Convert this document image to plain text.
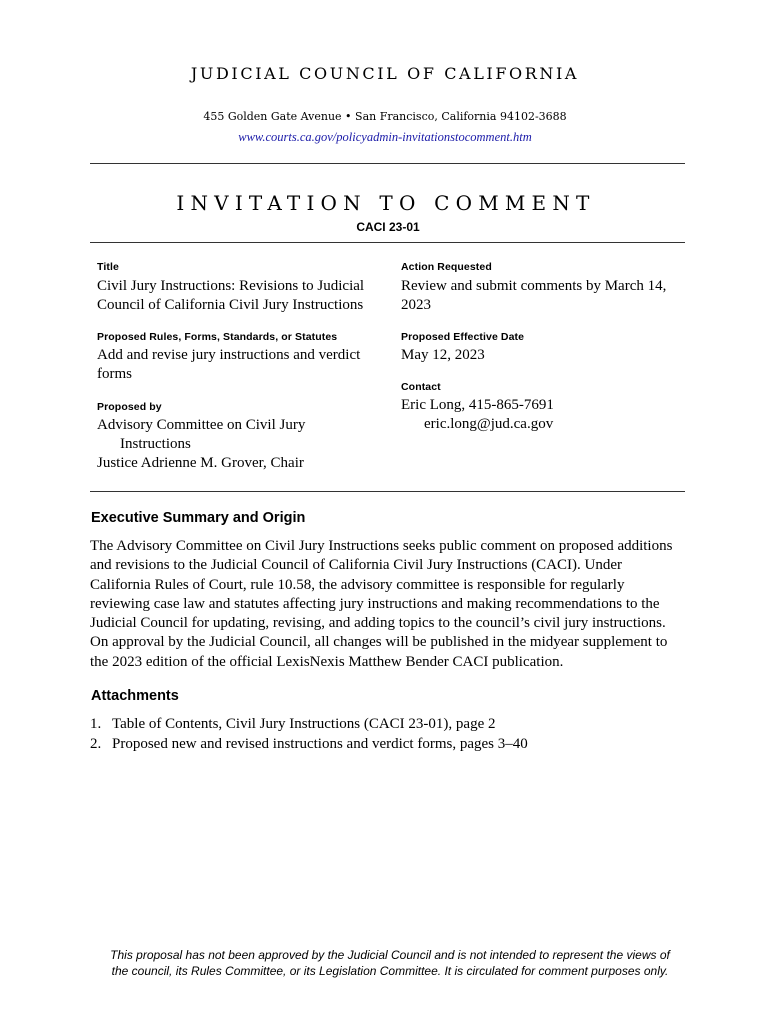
JUDICIAL COUNCIL OF CALIFORNIA
455 Golden Gate Avenue • San Francisco, California 94102-3688
www.courts.ca.gov/policyadmin-invitationstocomment.htm
INVITATION TO COMMENT
CACI 23-01
Title
Civil Jury Instructions: Revisions to Judicial
Council of California Civil Jury Instructions
Proposed Rules, Forms, Standards, or Statutes
Add and revise jury instructions and verdict
forms
Proposed by
Advisory Committee on Civil Jury
Instructions
Justice Adrienne M. Grover, Chair
Action Requested
Review and submit comments by March 14,
2023
Proposed Effective Date
May 12, 2023
Contact
Eric Long, 415-865-7691
eric.long@jud.ca.gov
Executive Summary and Origin
The Advisory Committee on Civil Jury Instructions seeks public comment on proposed additions
and revisions to the Judicial Council of California Civil Jury Instructions (CACI). Under
California Rules of Court, rule 10.58, the advisory committee is responsible for regularly
reviewing case law and statutes affecting jury instructions and making recommendations to the
Judicial Council for updating, revising, and adding topics to the council’s civil jury instructions.
On approval by the Judicial Council, all changes will be published in the midyear supplement to
the 2023 edition of the official LexisNexis Matthew Bender CACI publication.
Attachments
1. Table of Contents, Civil Jury Instructions (CACI 23-01), page 2
2. Proposed new and revised instructions and verdict forms, pages 3–40
This proposal has not been approved by the Judicial Council and is not intended to represent the views of
the council, its Rules Committee, or its Legislation Committee. It is circulated for comment purposes only.
